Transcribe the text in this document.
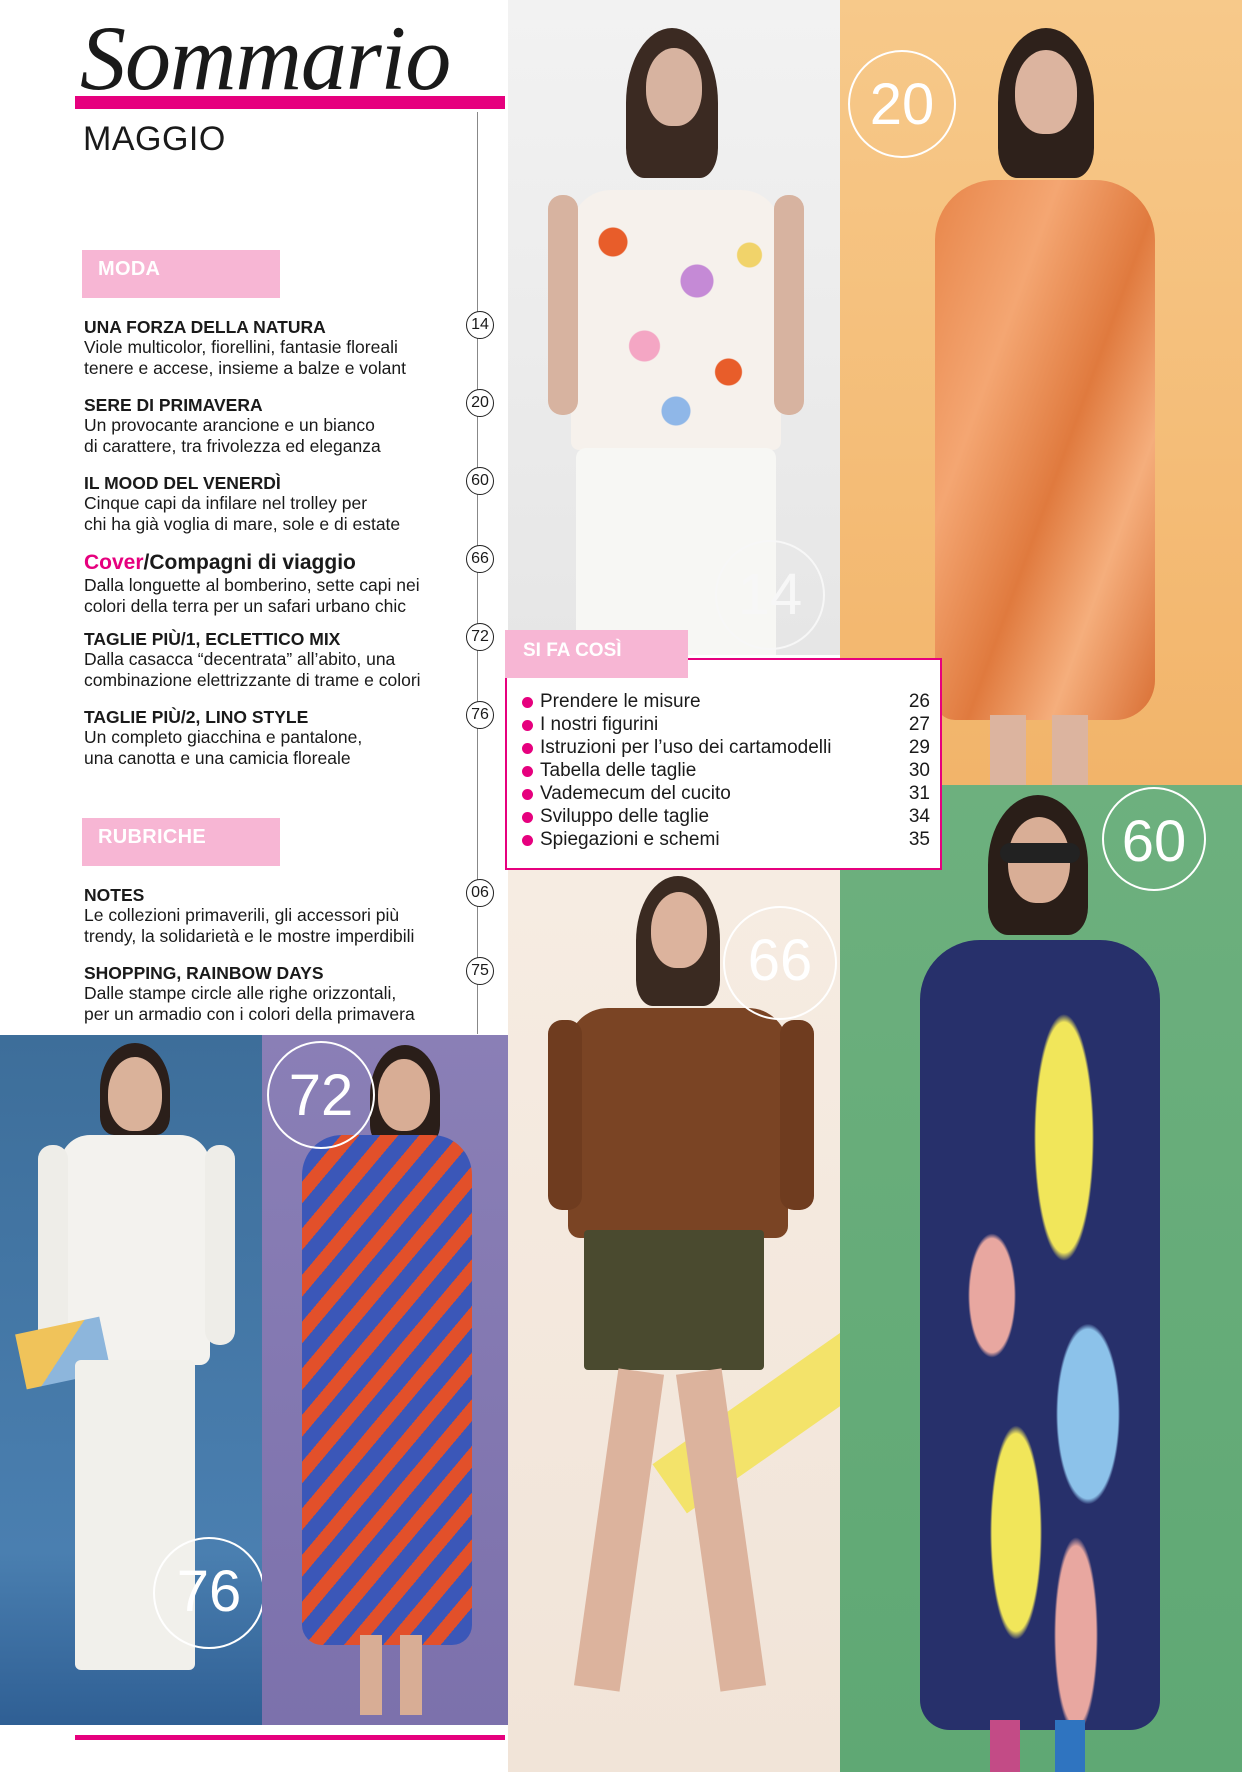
Sommario
MAGGIO
MODA
UNA FORZA DELLA NATURA
Viole multicolor, fiorellini, fantasie floreali
tenere e accese, insieme a balze e volant
14
SERE DI PRIMAVERA
Un provocante arancione e un bianco
di carattere, tra frivolezza ed eleganza
20
IL MOOD DEL VENERDÌ
Cinque capi da infilare nel trolley per
chi ha già voglia di mare, sole e di estate
60
Cover/Compagni di viaggio
Dalla longuette al bomberino, sette capi nei
colori della terra per un safari urbano chic
66
TAGLIE PIÙ/1, ECLETTICO MIX
Dalla casacca “decentrata” all’abito, una
combinazione elettrizzante di trame e colori
72
TAGLIE PIÙ/2, LINO STYLE
Un completo giacchina e pantalone,
una canotta e una camicia floreale
76
RUBRICHE
NOTES
Le collezioni primaverili, gli accessori più
trendy, la solidarietà e le mostre imperdibili
06
SHOPPING, RAINBOW DAYS
Dalle stampe circle alle righe orizzontali,
per un armadio con i colori della primavera
75
14
20
66
60
76
72
Prendere le misure	26
I nostri figurini	27
Istruzioni per l’uso dei cartamodelli	29
Tabella delle taglie	30
Vademecum del cucito	31
Sviluppo delle taglie	34
Spiegazioni e schemi	35
SI FA COSÌ
